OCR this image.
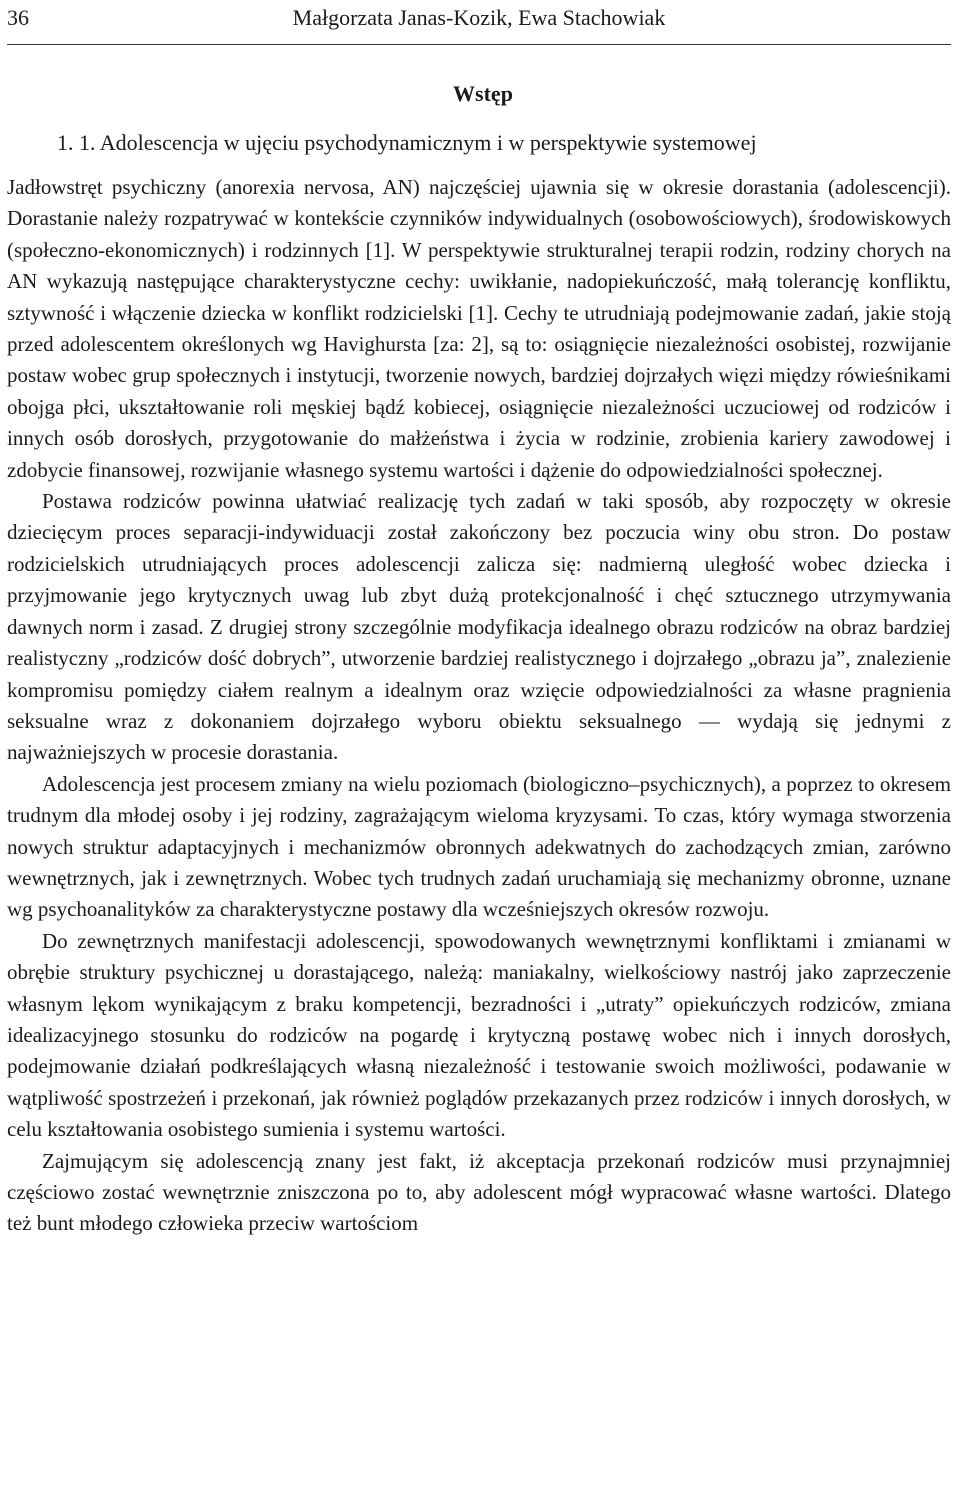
36	Małgorzata Janas-Kozik, Ewa Stachowiak
Wstęp
1. 1. Adolescencja w ujęciu psychodynamicznym i w perspektywie systemowej

Jadłowstręt psychiczny (anorexia nervosa, AN) najczęściej ujawnia się w okresie dorastania (adolescencji). Dorastanie należy rozpatrywać w kontekście czynników indywidualnych (osobowościowych), środowiskowych (społeczno-ekonomicznych) i rodzinnych [1]. W perspektywie strukturalnej terapii rodzin, rodziny chorych na AN wykazują następujące charakterystyczne cechy: uwikłanie, nadopiekuńczość, małą tolerancję konfliktu, sztywność i włączenie dziecka w konflikt rodzicielski [1]. Cechy te utrudniają podejmowanie zadań, jakie stoją przed adolescentem określonych wg Havighursta [za: 2], są to: osiągnięcie niezależności osobistej, rozwijanie postaw wobec grup społecznych i instytucji, tworzenie nowych, bardziej dojrzałych więzi między rówieśnikami obojga płci, ukształtowanie roli męskiej bądź kobiecej, osiągnięcie niezależności uczuciowej od rodziców i innych osób dorosłych, przygotowanie do małżeństwa i życia w rodzinie, zrobienia kariery zawodowej i zdobycie finansowej, rozwijanie własnego systemu wartości i dążenie do odpowiedzialności społecznej.

Postawa rodziców powinna ułatwiać realizację tych zadań w taki sposób, aby rozpoczęty w okresie dziecięcym proces separacji-indywiduacji został zakończony bez poczucia winy obu stron. Do postaw rodzicielskich utrudniających proces adolescencji zalicza się: nadmierną uległość wobec dziecka i przyjmowanie jego krytycznych uwag lub zbyt dużą protekcjonalność i chęć sztucznego utrzymywania dawnych norm i zasad. Z drugiej strony szczególnie modyfikacja idealnego obrazu rodziców na obraz bardziej realistyczny „rodziców dość dobrych”, utworzenie bardziej realistycznego i dojrzałego „obrazu ja”, znalezienie kompromisu pomiędzy ciałem realnym a idealnym oraz wzięcie odpowiedzialności za własne pragnienia seksualne wraz z dokonaniem dojrzałego wyboru obiektu seksualnego — wydają się jednymi z najważniejszych w procesie dorastania.

Adolescencja jest procesem zmiany na wielu poziomach (biologiczno–psychicznych), a poprzez to okresem trudnym dla młodej osoby i jej rodziny, zagrażającym wieloma kryzysami. To czas, który wymaga stworzenia nowych struktur adaptacyjnych i mechanizmów obronnych adekwatnych do zachodzących zmian, zarówno wewnętrznych, jak i zewnętrznych. Wobec tych trudnych zadań uruchamiają się mechanizmy obronne, uznane wg psychoanalityków za charakterystyczne postawy dla wcześniejszych okresów rozwoju.

Do zewnętrznych manifestacji adolescencji, spowodowanych wewnętrznymi konfliktami i zmianami w obrębie struktury psychicznej u dorastającego, należą: maniakalny, wielkościowy nastrój jako zaprzeczenie własnym lękom wynikającym z braku kompetencji, bezradności i „utraty” opiekuńczych rodziców, zmiana idealizacyjnego stosunku do rodziców na pogardę i krytyczną postawę wobec nich i innych dorosłych, podejmowanie działań podkreślających własną niezależność i testowanie swoich możliwości, podawanie w wątpliwość spostrzeżeń i przekonań, jak również poglądów przekazanych przez rodziców i innych dorosłych, w celu kształtowania osobistego sumienia i systemu wartości.

Zajmującym się adolescencją znany jest fakt, iż akceptacja przekonań rodziców musi przynajmniej częściowo zostać wewnętrznie zniszczona po to, aby adolescent mógł wypracować własne wartości. Dlatego też bunt młodego człowieka przeciw wartościom
